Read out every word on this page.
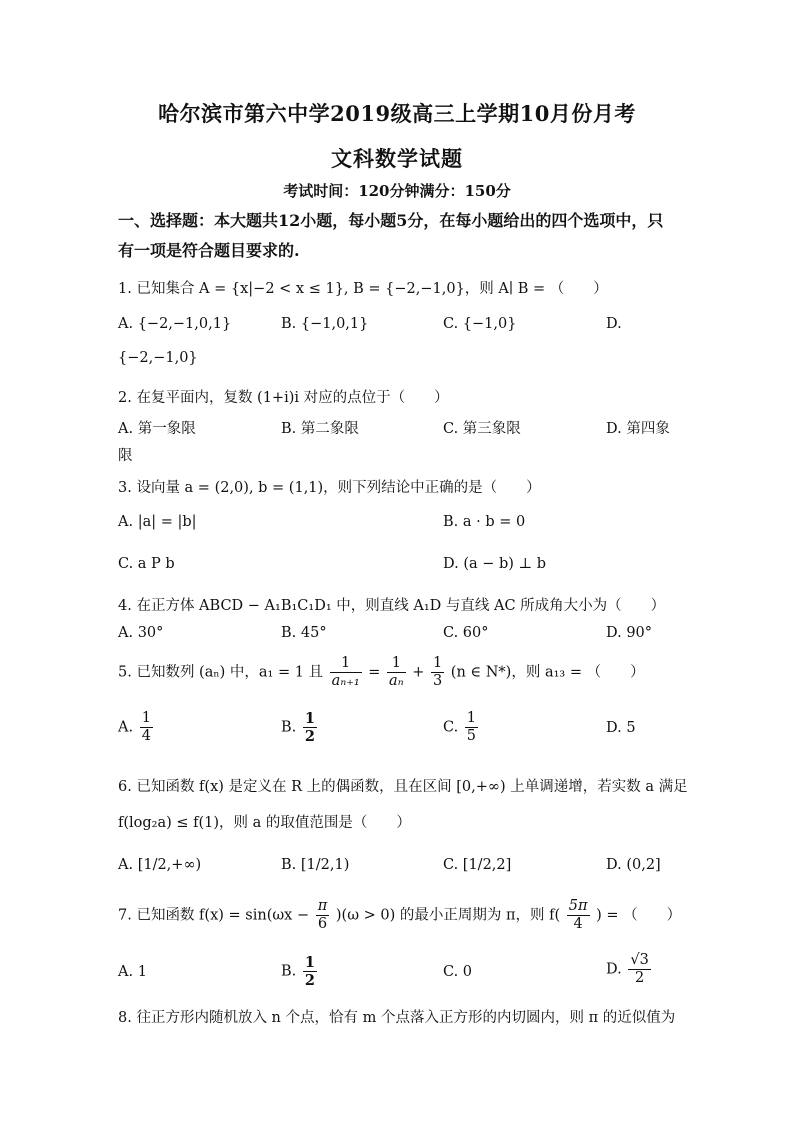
哈尔滨市第六中学2019级高三上学期10月份月考
文科数学试题
考试时间：120分钟满分：150分
一、选择题：本大题共12小题，每小题5分，在每小题给出的四个选项中，只有一项是符合题目要求的.
1. 已知集合 A = {x|−2 < x ≤ 1}, B = {−2,−1,0}，则 A∣ B = （　　）
A. {−2,−1,0,1}	B. {−1,0,1}	C. {−1,0}	D.
{−2,−1,0}
2. 在复平面内，复数 (1+i)i 对应的点位于（　　）
A. 第一象限	B. 第二象限	C. 第三象限	D. 第四象
限
3. 设向量 a = (2,0), b = (1,1)，则下列结论中正确的是（　　）
A. |a| = |b|	B. a · b = 0
C. a P b	D. (a − b) ⊥ b
4. 在正方体 ABCD − A₁B₁C₁D₁ 中，则直线 A₁D 与直线 AC 所成角大小为（　　）
A. 30°	B. 45°	C. 60°	D. 90°
5. 已知数列 (aₙ) 中，a₁ = 1 且 $\frac{1}{\text{aₙ₊₁}} = \frac{1}{\text{aₙ}} + \frac{1}{3} (n$ ∈ N*)，则 a₁₃ = （　　）
A. $\frac{1}{4}$	B. $\frac{1}{2}$	C. $\frac{1}{5}$	D. 5
6. 已知函数 f(x) 是定义在 R 上的偶函数，且在区间 [0,+∞) 上单调递增，若实数 a 满足
f(log₂a) ≤ f(1)，则 a 的取值范围是（　　）
A. [1/2,+∞)	B. [1/2,1)	C. [1/2,2]	D. (0,2]
7. 已知函数 $f(x) = \sin(\omega x - \frac{\pi}{6} )(\omega > 0)$ 的最小正周期为 π，则 $f( \frac{5\pi}{4}$ ) = （　　）
A. 1	B. $\frac{1}{2}$	C. 0	D. $\frac{√3}{2}$
8. 往正方形内随机放入 n 个点，恰有 m 个点落入正方形的内切圆内，则 π 的近似值为
